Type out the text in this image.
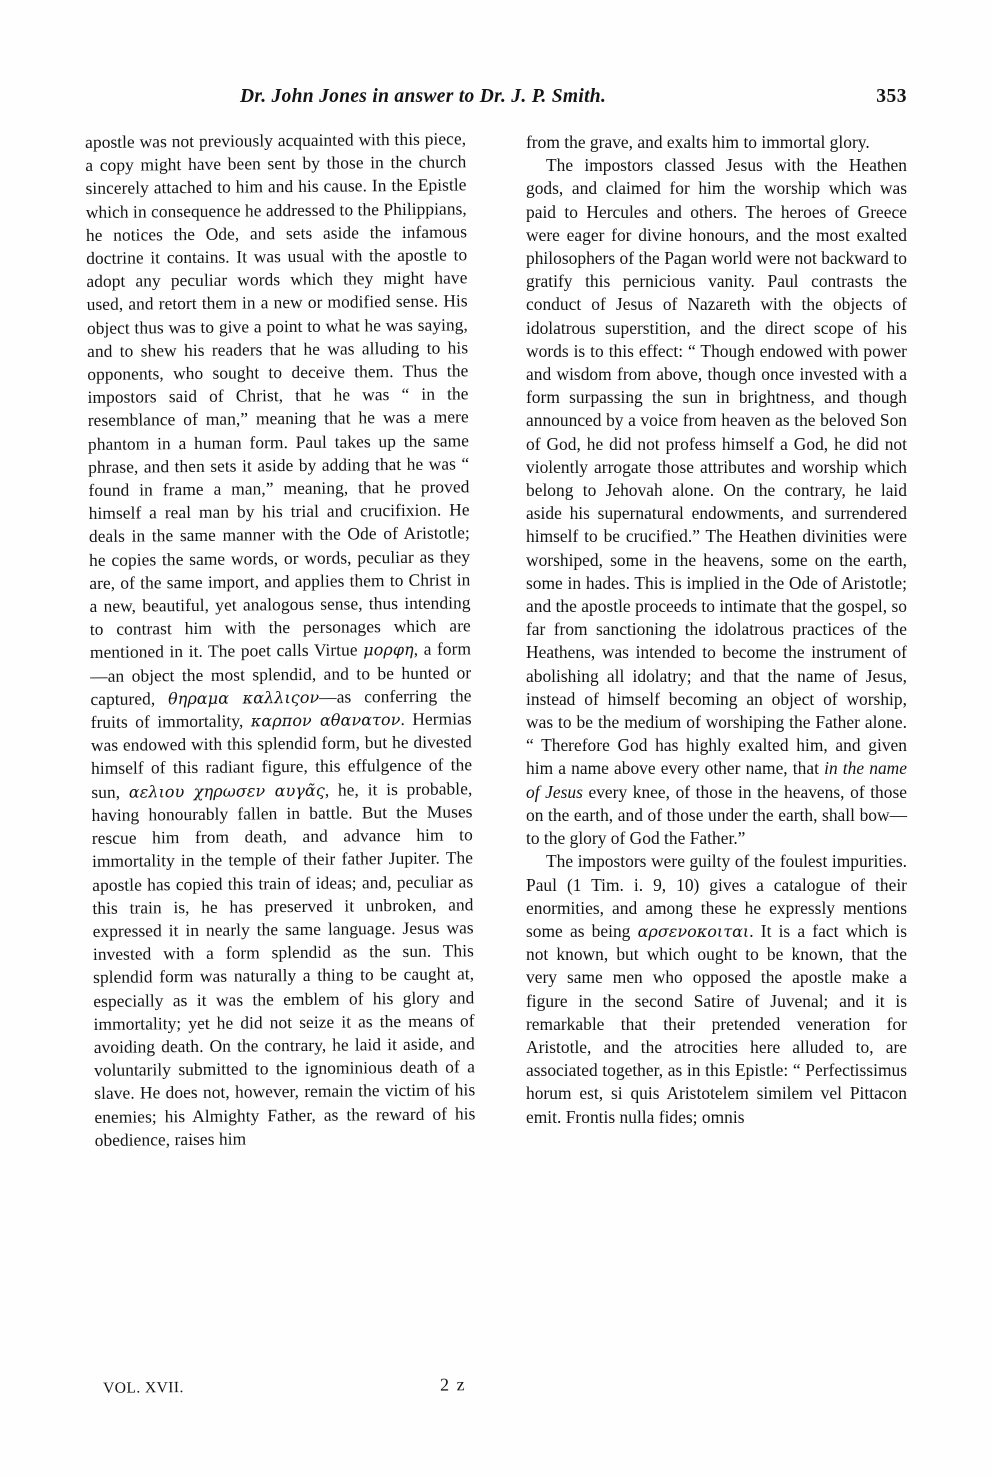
Dr. John Jones in answer to Dr. J. P. Smith.	353

apostle was not previously acquainted with this piece, a copy might have been sent by those in the church sincerely attached to him and his cause. In the Epistle which in consequence he addressed to the Philippians, he notices the Ode, and sets aside the infamous doctrine it contains. It was usual with the apostle to adopt any peculiar words which they might have used, and retort them in a new or modified sense. His object thus was to give a point to what he was saying, and to shew his readers that he was alluding to his opponents, who sought to deceive them. Thus the impostors said of Christ, that he was “ in the resemblance of man,” meaning that he was a mere phantom in a human form. Paul takes up the same phrase, and then sets it aside by adding that he was “ found in frame a man,” meaning, that he proved himself a real man by his trial and crucifixion. He deals in the same manner with the Ode of Aristotle; he copies the same words, or words, peculiar as they are, of the same import, and applies them to Christ in a new, beautiful, yet analogous sense, thus intending to contrast him with the personages which are mentioned in it. The poet calls Virtue μορφη, a form—an object the most splendid, and to be hunted or captured, θηραμα καλλιςον—as conferring the fruits of immortality, καρπον αθανατον. Hermias was endowed with this splendid form, but he divested himself of this radiant figure, this effulgence of the sun, αελιου χηρωσεν αυγᾶς, he, it is probable, having honourably fallen in battle. But the Muses rescue him from death, and advance him to immortality in the temple of their father Jupiter. The apostle has copied this train of ideas; and, peculiar as this train is, he has preserved it unbroken, and expressed it in nearly the same language. Jesus was invested with a form splendid as the sun. This splendid form was naturally a thing to be caught at, especially as it was the emblem of his glory and immortality; yet he did not seize it as the means of avoiding death. On the contrary, he laid it aside, and voluntarily submitted to the ignominious death of a slave. He does not, however, remain the victim of his enemies; his Almighty Father, as the reward of his obedience, raises him

from the grave, and exalts him to immortal glory.

The impostors classed Jesus with the Heathen gods, and claimed for him the worship which was paid to Hercules and others. The heroes of Greece were eager for divine honours, and the most exalted philosophers of the Pagan world were not backward to gratify this pernicious vanity. Paul contrasts the conduct of Jesus of Nazareth with the objects of idolatrous superstition, and the direct scope of his words is to this effect: “ Though endowed with power and wisdom from above, though once invested with a form surpassing the sun in brightness, and though announced by a voice from heaven as the beloved Son of God, he did not profess himself a God, he did not violently arrogate those attributes and worship which belong to Jehovah alone. On the contrary, he laid aside his supernatural endowments, and surrendered himself to be crucified.” The Heathen divinities were worshiped, some in the heavens, some on the earth, some in hades. This is implied in the Ode of Aristotle; and the apostle proceeds to intimate that the gospel, so far from sanctioning the idolatrous practices of the Heathens, was intended to become the instrument of abolishing all idolatry; and that the name of Jesus, instead of himself becoming an object of worship, was to be the medium of worshiping the Father alone. “ Therefore God has highly exalted him, and given him a name above every other name, that in the name of Jesus every knee, of those in the heavens, of those on the earth, and of those under the earth, shall bow—to the glory of God the Father.”

The impostors were guilty of the foulest impurities. Paul (1 Tim. i. 9, 10) gives a catalogue of their enormities, and among these he expressly mentions some as being αρσενοκοιται. It is a fact which is not known, but which ought to be known, that the very same men who opposed the apostle make a figure in the second Satire of Juvenal; and it is remarkable that their pretended veneration for Aristotle, and the atrocities here alluded to, are associated together, as in this Epistle: “ Perfectissimus horum est, si quis Aristotelem similem vel Pittacon emit. Frontis nulla fides; omnis

VOL. XVII.	2 z
